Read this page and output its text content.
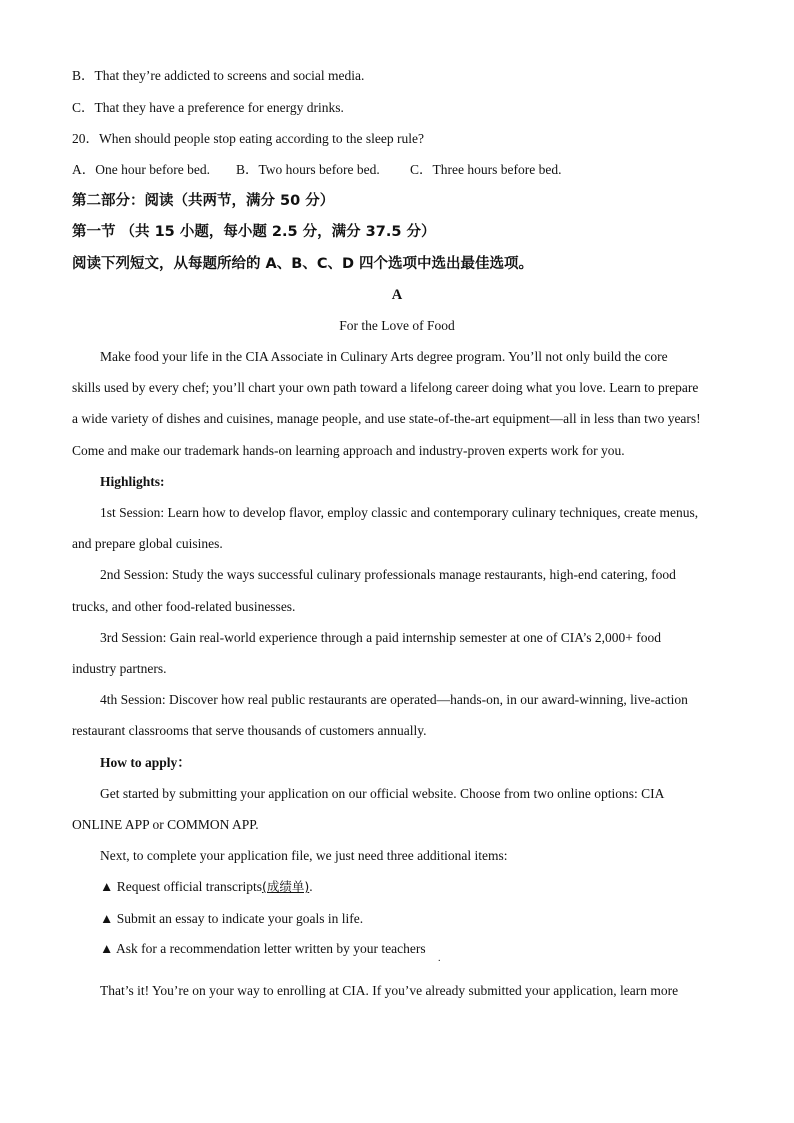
B．That they’re addicted to screens and social media.
C．That they have a preference for energy drinks.
20．When should people stop eating according to the sleep rule?
A．One hour before bed. B．Two hours before bed. C．Three hours before bed.
第二部分：阅读（共两节，满分 50 分）
第一节 （共 15 小题，每小题 2.5 分，满分 37.5 分）
阅读下列短文，从每题所给的 A、B、C、D 四个选项中选出最佳选项。
A
For the Love of Food
Make food your life in the CIA Associate in Culinary Arts degree program. You’ll not only build the core
skills used by every chef; you’ll chart your own path toward a lifelong career doing what you love. Learn to prepare
a wide variety of dishes and cuisines, manage people, and use state-of-the-art equipment—all in less than two years!
Come and make our trademark hands-on learning approach and industry-proven experts work for you.
Highlights:
1st Session: Learn how to develop flavor, employ classic and contemporary culinary techniques, create menus,
and prepare global cuisines.
2nd Session: Study the ways successful culinary professionals manage restaurants, high-end catering, food
trucks, and other food-related businesses.
3rd Session: Gain real-world experience through a paid internship semester at one of CIA’s 2,000+ food
industry partners.
4th Session: Discover how real public restaurants are operated—hands-on, in our award-winning, live-action
restaurant classrooms that serve thousands of customers annually.
How to apply：
Get started by submitting your application on our official website. Choose from two online options: CIA
ONLINE APP or COMMON APP.
Next, to complete your application file, we just need three additional items:
▲ Request official transcripts(成绩单).
▲ Submit an essay to indicate your goals in life.
▲ Ask for a recommendation letter written by your teachers
.
That’s it! You’re on your way to enrolling at CIA. If you’ve already submitted your application, learn more
